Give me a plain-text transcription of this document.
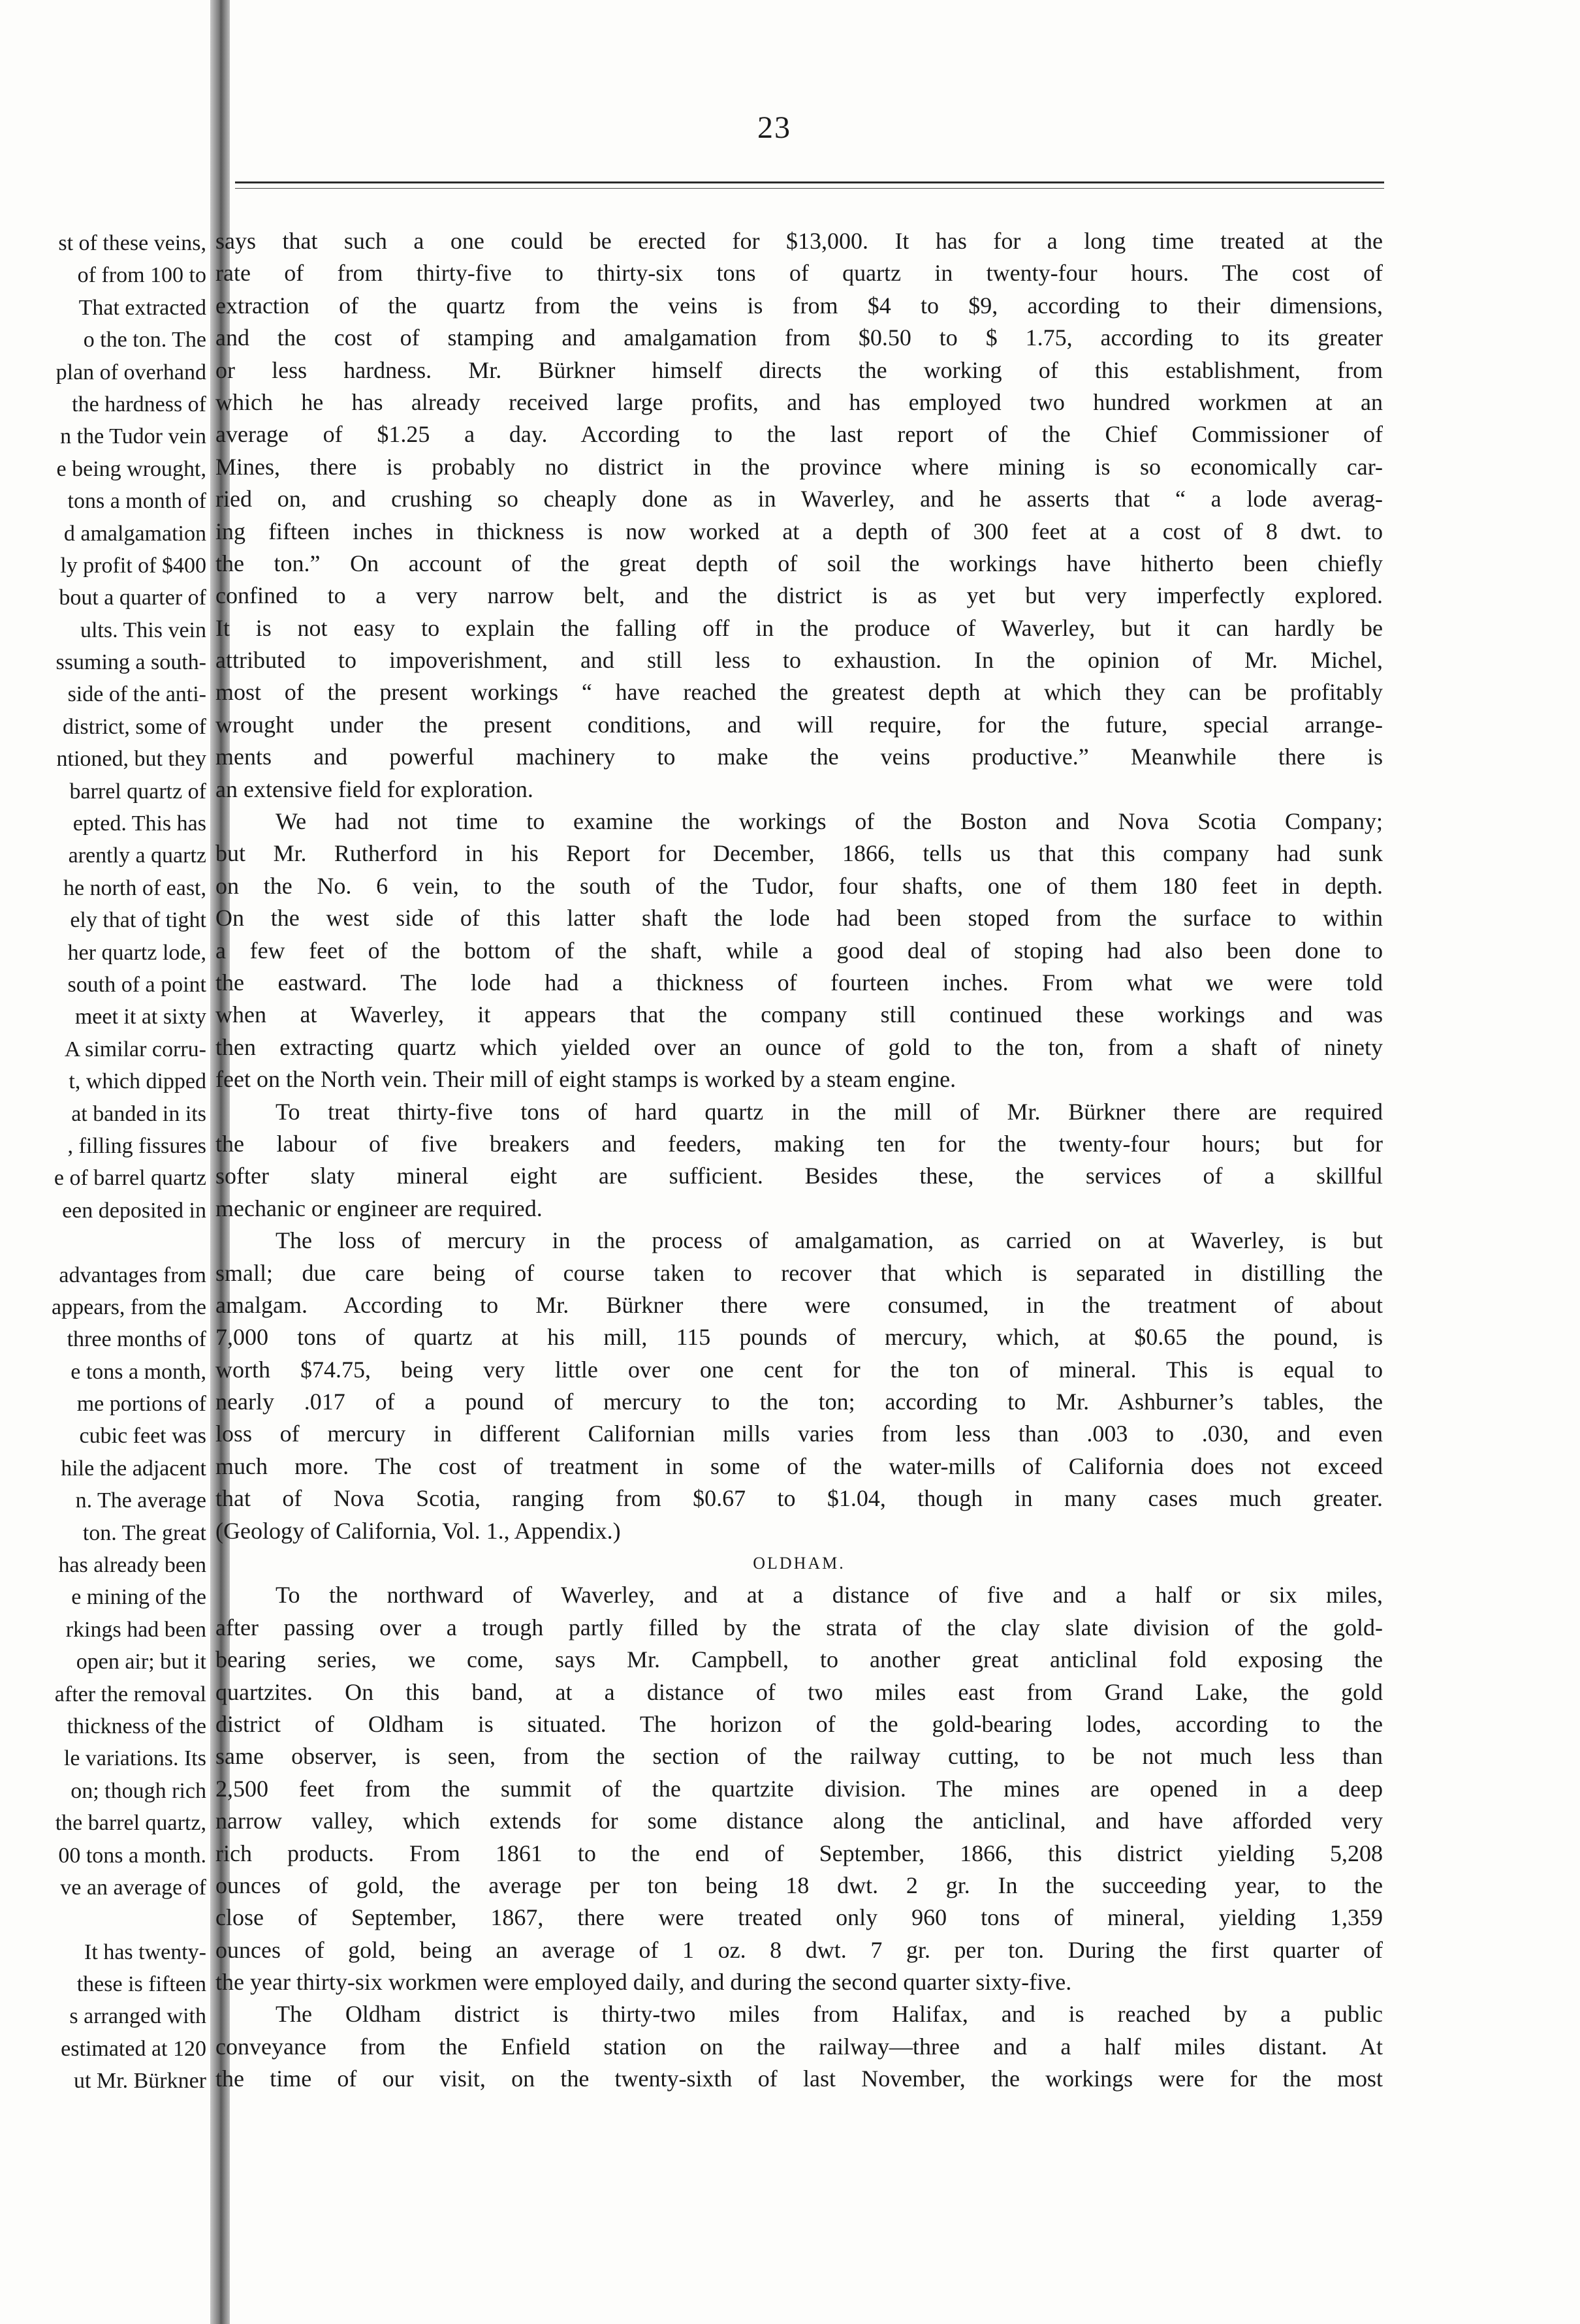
23
st of these veins,
of from 100 to
That extracted
o the ton. The
plan of overhand
the hardness of
n the Tudor vein
e being wrought,
tons a month of
d amalgamation
ly profit of $400
bout a quarter of
ults. This vein
ssuming a south-
side of the anti-
district, some of
ntioned, but they
barrel quartz of
epted. This has
arently a quartz
he north of east,
ely that of tight
her quartz lode,
south of a point
meet it at sixty
A similar corru-
t, which dipped
at banded in its
, filling fissures
e of barrel quartz
een deposited in
advantages from
appears, from the
three months of
e tons a month,
me portions of
cubic feet was
hile the adjacent
n. The average
ton. The great
has already been
e mining of the
rkings had been
open air; but it
after the removal
thickness of the
le variations. Its
on; though rich
the barrel quartz,
00 tons a month.
ve an average of
It has twenty-
these is fifteen
s arranged with
estimated at 120
ut Mr. Bürkner
says that such a one could be erected for $13,000. It has for a long time treated at the
rate of from thirty-five to thirty-six tons of quartz in twenty-four hours. The cost of
extraction of the quartz from the veins is from $4 to $9, according to their dimensions,
and the cost of stamping and amalgamation from $0.50 to $ 1.75, according to its greater
or less hardness. Mr. Bürkner himself directs the working of this establishment, from
which he has already received large profits, and has employed two hundred workmen at an
average of $1.25 a day. According to the last report of the Chief Commissioner of
Mines, there is probably no district in the province where mining is so economically car-
ried on, and crushing so cheaply done as in Waverley, and he asserts that “ a lode averag-
ing fifteen inches in thickness is now worked at a depth of 300 feet at a cost of 8 dwt. to
the ton.” On account of the great depth of soil the workings have hitherto been chiefly
confined to a very narrow belt, and the district is as yet but very imperfectly explored.
It is not easy to explain the falling off in the produce of Waverley, but it can hardly be
attributed to impoverishment, and still less to exhaustion. In the opinion of Mr. Michel,
most of the present workings “ have reached the greatest depth at which they can be profitably
wrought under the present conditions, and will require, for the future, special arrange-
ments and powerful machinery to make the veins productive.” Meanwhile there is
an extensive field for exploration.
We had not time to examine the workings of the Boston and Nova Scotia Company;
but Mr. Rutherford in his Report for December, 1866, tells us that this company had sunk
on the No. 6 vein, to the south of the Tudor, four shafts, one of them 180 feet in depth.
On the west side of this latter shaft the lode had been stoped from the surface to within
a few feet of the bottom of the shaft, while a good deal of stoping had also been done to
the eastward. The lode had a thickness of fourteen inches. From what we were told
when at Waverley, it appears that the company still continued these workings and was
then extracting quartz which yielded over an ounce of gold to the ton, from a shaft of ninety
feet on the North vein. Their mill of eight stamps is worked by a steam engine.
To treat thirty-five tons of hard quartz in the mill of Mr. Bürkner there are required
the labour of five breakers and feeders, making ten for the twenty-four hours; but for
softer slaty mineral eight are sufficient. Besides these, the services of a skillful
mechanic or engineer are required.
The loss of mercury in the process of amalgamation, as carried on at Waverley, is but
small; due care being of course taken to recover that which is separated in distilling the
amalgam. According to Mr. Bürkner there were consumed, in the treatment of about
7,000 tons of quartz at his mill, 115 pounds of mercury, which, at $0.65 the pound, is
worth $74.75, being very little over one cent for the ton of mineral. This is equal to
nearly .017 of a pound of mercury to the ton; according to Mr. Ashburner’s tables, the
loss of mercury in different Californian mills varies from less than .003 to .030, and even
much more. The cost of treatment in some of the water-mills of California does not exceed
that of Nova Scotia, ranging from $0.67 to $1.04, though in many cases much greater.
(Geology of California, Vol. 1., Appendix.)
OLDHAM.
To the northward of Waverley, and at a distance of five and a half or six miles,
after passing over a trough partly filled by the strata of the clay slate division of the gold-
bearing series, we come, says Mr. Campbell, to another great anticlinal fold exposing the
quartzites. On this band, at a distance of two miles east from Grand Lake, the gold
district of Oldham is situated. The horizon of the gold-bearing lodes, according to the
same observer, is seen, from the section of the railway cutting, to be not much less than
2,500 feet from the summit of the quartzite division. The mines are opened in a deep
narrow valley, which extends for some distance along the anticlinal, and have afforded very
rich products. From 1861 to the end of September, 1866, this district yielding 5,208
ounces of gold, the average per ton being 18 dwt. 2 gr. In the succeeding year, to the
close of September, 1867, there were treated only 960 tons of mineral, yielding 1,359
ounces of gold, being an average of 1 oz. 8 dwt. 7 gr. per ton. During the first quarter of
the year thirty-six workmen were employed daily, and during the second quarter sixty-five.
The Oldham district is thirty-two miles from Halifax, and is reached by a public
conveyance from the Enfield station on the railway—three and a half miles distant. At
the time of our visit, on the twenty-sixth of last November, the workings were for the most
